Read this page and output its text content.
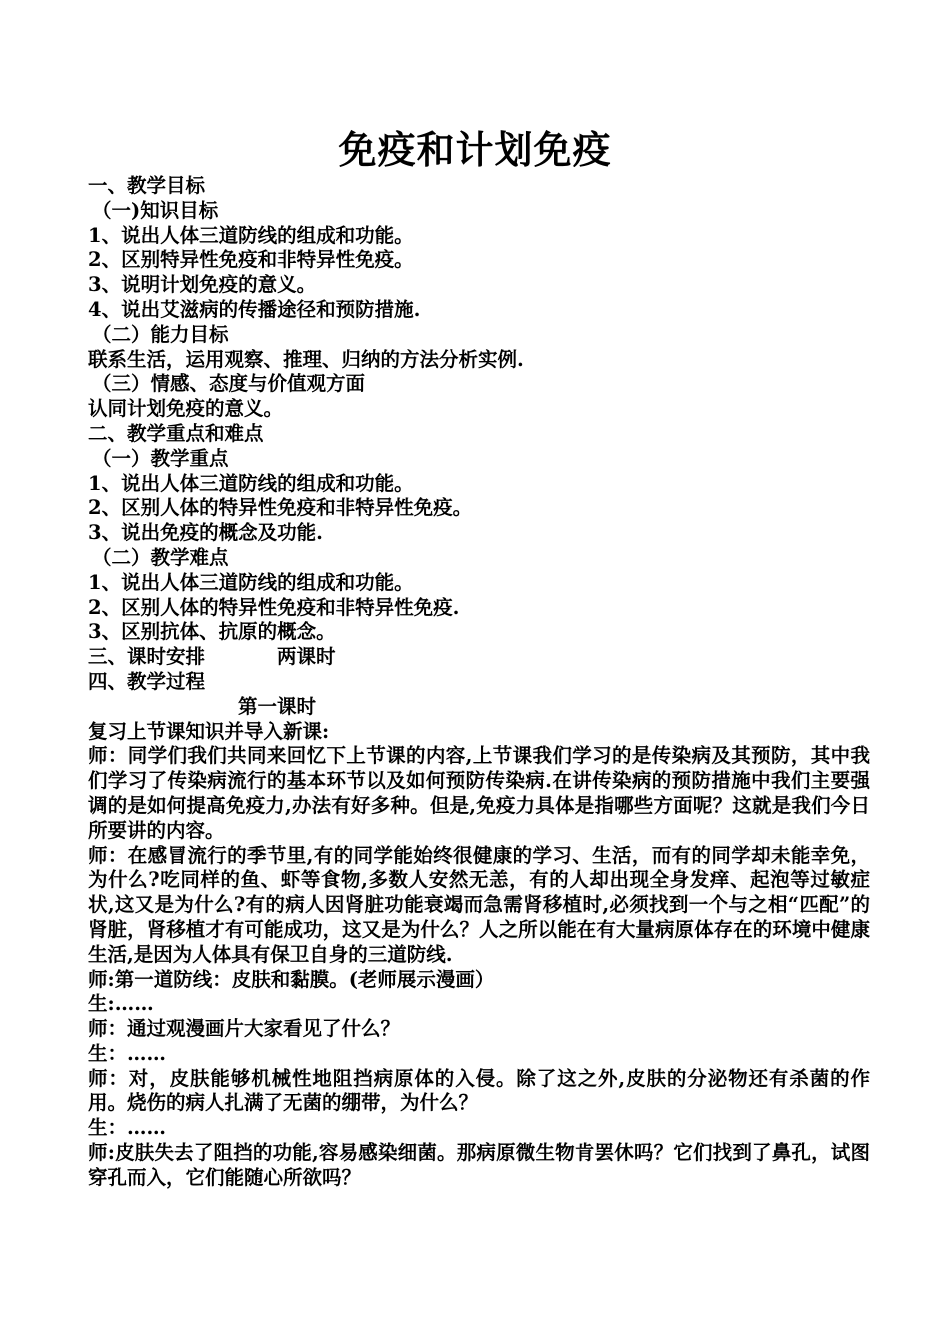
免疫和计划免疫
一、教学目标
（一)知识目标
1、说出人体三道防线的组成和功能。
2、区别特异性免疫和非特异性免疫。
3、说明计划免疫的意义。
4、说出艾滋病的传播途径和预防措施.
（二）能力目标
联系生活，运用观察、推理、归纳的方法分析实例.
（三）情感、态度与价值观方面
认同计划免疫的意义。
二、教学重点和难点
（一）教学重点
1、说出人体三道防线的组成和功能。
2、区别人体的特异性免疫和非特异性免疫。
3、说出免疫的概念及功能.
（二）教学难点
1、说出人体三道防线的组成和功能。
2、区别人体的特异性免疫和非特异性免疫.
3、区别抗体、抗原的概念。
三、课时安排	两课时
四、教学过程
第一课时
复习上节课知识并导入新课:
师：同学们我们共同来回忆下上节课的内容,上节课我们学习的是传染病及其预防，其中我们学习了传染病流行的基本环节以及如何预防传染病.在讲传染病的预防措施中我们主要强调的是如何提高免疫力,办法有好多种。但是,免疫力具体是指哪些方面呢？这就是我们今日所要讲的内容。
师：在感冒流行的季节里,有的同学能始终很健康的学习、生活，而有的同学却未能幸免，为什么?吃同样的鱼、虾等食物,多数人安然无恙，有的人却出现全身发痒、起泡等过敏症状,这又是为什么?有的病人因肾脏功能衰竭而急需肾移植时,必须找到一个与之相“匹配”的肾脏，肾移植才有可能成功，这又是为什么？人之所以能在有大量病原体存在的环境中健康生活,是因为人体具有保卫自身的三道防线.
师:第一道防线：皮肤和黏膜。(老师展示漫画）
生:……
师：通过观漫画片大家看见了什么？
生：……
师：对，皮肤能够机械性地阻挡病原体的入侵。除了这之外,皮肤的分泌物还有杀菌的作用。烧伤的病人扎满了无菌的绷带，为什么？
生：……
师:皮肤失去了阻挡的功能,容易感染细菌。那病原微生物肯罢休吗？它们找到了鼻孔，试图穿孔而入，它们能随心所欲吗？
